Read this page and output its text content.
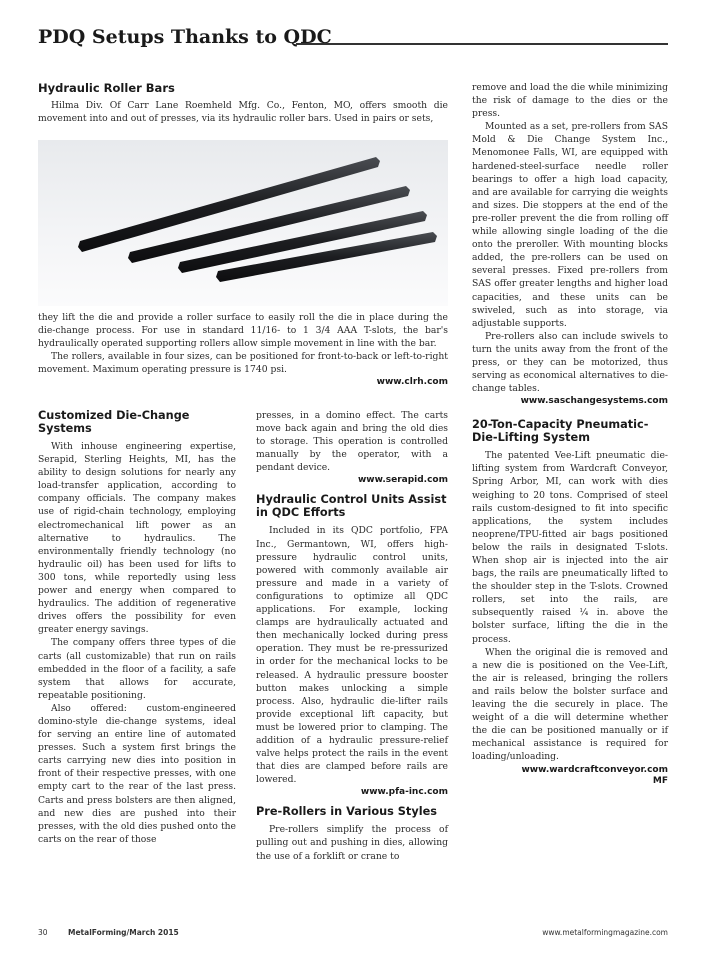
PDQ Setups Thanks to QDC
Hydraulic Roller Bars

Hilma Div. Of Carr Lane Roemheld Mfg. Co., Fenton, MO, offers smooth die movement into and out of presses, via its hydraulic roller bars. Used in pairs or sets,

they lift the die and provide a roller surface to easily roll the die in place during the die-change process. For use in standard 11/16- to 1 3/4 AAA T-slots, the bar's hydraulically operated supporting rollers allow simple movement in line with the bar.

The rollers, available in four sizes, can be positioned for front-to-back or left-to-right movement. Maximum operating pressure is 1740 psi.

www.clrh.com

remove and load the die while minimizing the risk of damage to the dies or the press.

Mounted as a set, pre-rollers from SAS Mold & Die Change System Inc., Menomonee Falls, WI, are equipped with hardened-steel-surface needle roller bearings to offer a high load capacity, and are available for carrying die weights and sizes. Die stoppers at the end of the pre-roller prevent the die from rolling off while allowing single loading of the die onto the preroller. With mounting blocks added, the pre-rollers can be used on several presses. Fixed pre-rollers from SAS offer greater lengths and higher load capacities, and these units can be swiveled, such as into storage, via adjustable supports.

Pre-rollers also can include swivels to turn the units away from the front of the press, or they can be motorized, thus serving as economical alternatives to die-change tables.

www.saschangesystems.com
20-Ton-Capacity Pneumatic-Die-Lifting System

The patented Vee-Lift pneumatic die-lifting system from Wardcraft Conveyor, Spring Arbor, MI, can work with dies weighing to 20 tons. Comprised of steel rails custom-designed to fit into specific applications, the system includes neoprene/TPU-fitted air bags positioned below the rails in designated T-slots. When shop air is injected into the air bags, the rails are pneumatically lifted to the shoulder step in the T-slots. Crowned rollers, set into the rails, are subsequently raised ¼ in. above the bolster surface, lifting the die in the process.

When the original die is removed and a new die is positioned on the Vee-Lift, the air is released, bringing the rollers and rails below the bolster surface and leaving the die securely in place. The weight of a die will determine whether the die can be positioned manually or if mechanical assistance is required for loading/unloading.

www.wardcraftconveyor.com
MF
Customized Die-Change Systems

With inhouse engineering expertise, Serapid, Sterling Heights, MI, has the ability to design solutions for nearly any load-transfer application, according to company officials. The company makes use of rigid-chain technology, employing electromechanical lift power as an alternative to hydraulics. The environmentally friendly technology (no hydraulic oil) has been used for lifts to 300 tons, while reportedly using less power and energy when compared to hydraulics. The addition of regenerative drives offers the possibility for even greater energy savings.

The company offers three types of die carts (all customizable) that run on rails embedded in the floor of a facility, a safe system that allows for accurate, repeatable positioning.

Also offered: custom-engineered domino-style die-change systems, ideal for serving an entire line of automated presses. Such a system first brings the carts carrying new dies into position in front of their respective presses, with one empty cart to the rear of the last press. Carts and press bolsters are then aligned, and new dies are pushed into their presses, with the old dies pushed onto the carts on the rear of those

presses, in a domino effect. The carts move back again and bring the old dies to storage. This operation is controlled manually by the operator, with a pendant device.

www.serapid.com
Hydraulic Control Units Assist in QDC Efforts

Included in its QDC portfolio, FPA Inc., Germantown, WI, offers high-pressure hydraulic control units, powered with commonly available air pressure and made in a variety of configurations to optimize all QDC applications. For example, locking clamps are hydraulically actuated and then mechanically locked during press operation. They must be re-pressurized in order for the mechanical locks to be released. A hydraulic pressure booster button makes unlocking a simple process. Also, hydraulic die-lifter rails provide exceptional lift capacity, but must be lowered prior to clamping. The addition of a hydraulic pressure-relief valve helps protect the rails in the event that dies are clamped before rails are lowered.

www.pfa-inc.com
Pre-Rollers in Various Styles

Pre-rollers simplify the process of pulling out and pushing in dies, allowing the use of a forklift or crane to

30	MetalForming/March 2015	www.metalformingmagazine.com
